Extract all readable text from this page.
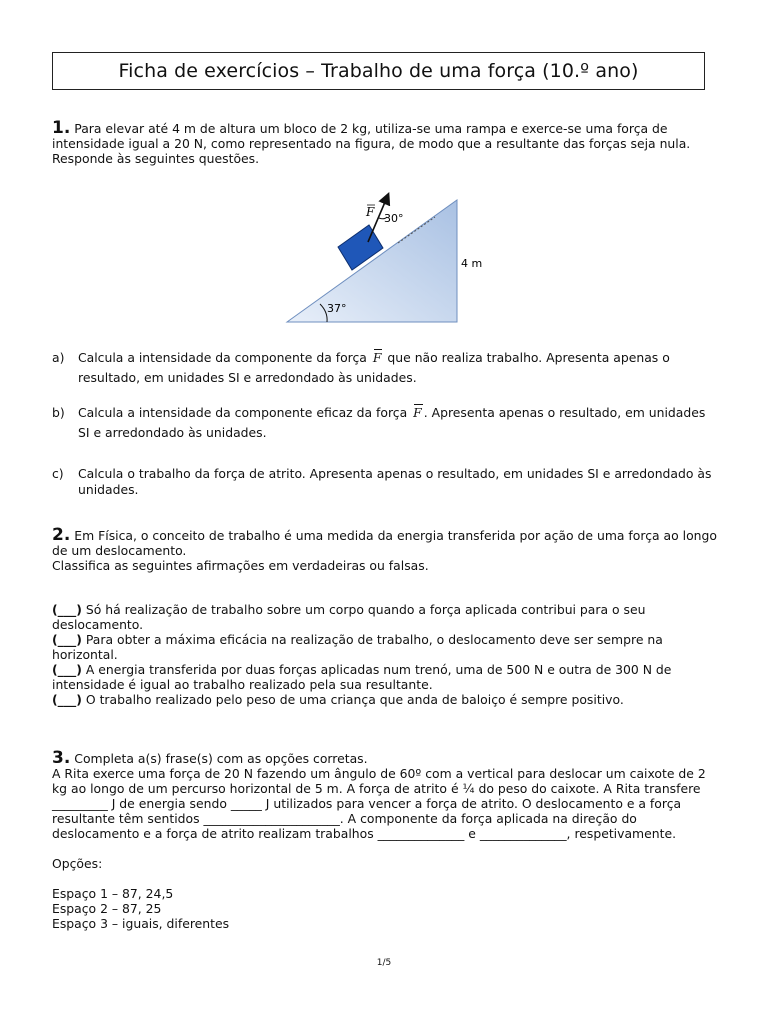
Ficha de exercícios – Trabalho de uma força (10.º ano)
1. Para elevar até 4 m de altura um bloco de 2 kg, utiliza-se uma rampa e exerce-se uma força de intensidade igual a 20 N, como representado na figura, de modo que a resultante das forças seja nula. Responde às seguintes questões.
F 30°
4 m
37°
a) Calcula a intensidade da componente da força F que não realiza trabalho. Apresenta apenas o resultado, em unidades SI e arredondado às unidades.
b) Calcula a intensidade da componente eficaz da força F . Apresenta apenas o resultado, em unidades SI e arredondado às unidades.
c) Calcula o trabalho da força de atrito. Apresenta apenas o resultado, em unidades SI e arredondado às unidades.
2. Em Física, o conceito de trabalho é uma medida da energia transferida por ação de uma força ao longo de um deslocamento.
Classifica as seguintes afirmações em verdadeiras ou falsas.
(___) Só há realização de trabalho sobre um corpo quando a força aplicada contribui para o seu deslocamento.
(___) Para obter a máxima eficácia na realização de trabalho, o deslocamento deve ser sempre na horizontal.
(___) A energia transferida por duas forças aplicadas num trenó, uma de 500 N e outra de 300 N de intensidade é igual ao trabalho realizado pela sua resultante.
(___) O trabalho realizado pelo peso de uma criança que anda de baloiço é sempre positivo.
3. Completa a(s) frase(s) com as opções corretas.
A Rita exerce uma força de 20 N fazendo um ângulo de 60º com a vertical para deslocar um caixote de 2 kg ao longo de um percurso horizontal de 5 m. A força de atrito é ¼ do peso do caixote. A Rita transfere _________ J de energia sendo _____ J utilizados para vencer a força de atrito. O deslocamento e a força resultante têm sentidos ______________________. A componente da força aplicada na direção do deslocamento e a força de atrito realizam trabalhos ______________ e ______________, respetivamente.
Opções:
Espaço 1 – 87, 24,5
Espaço 2 – 87, 25
Espaço 3 – iguais, diferentes
1/5
